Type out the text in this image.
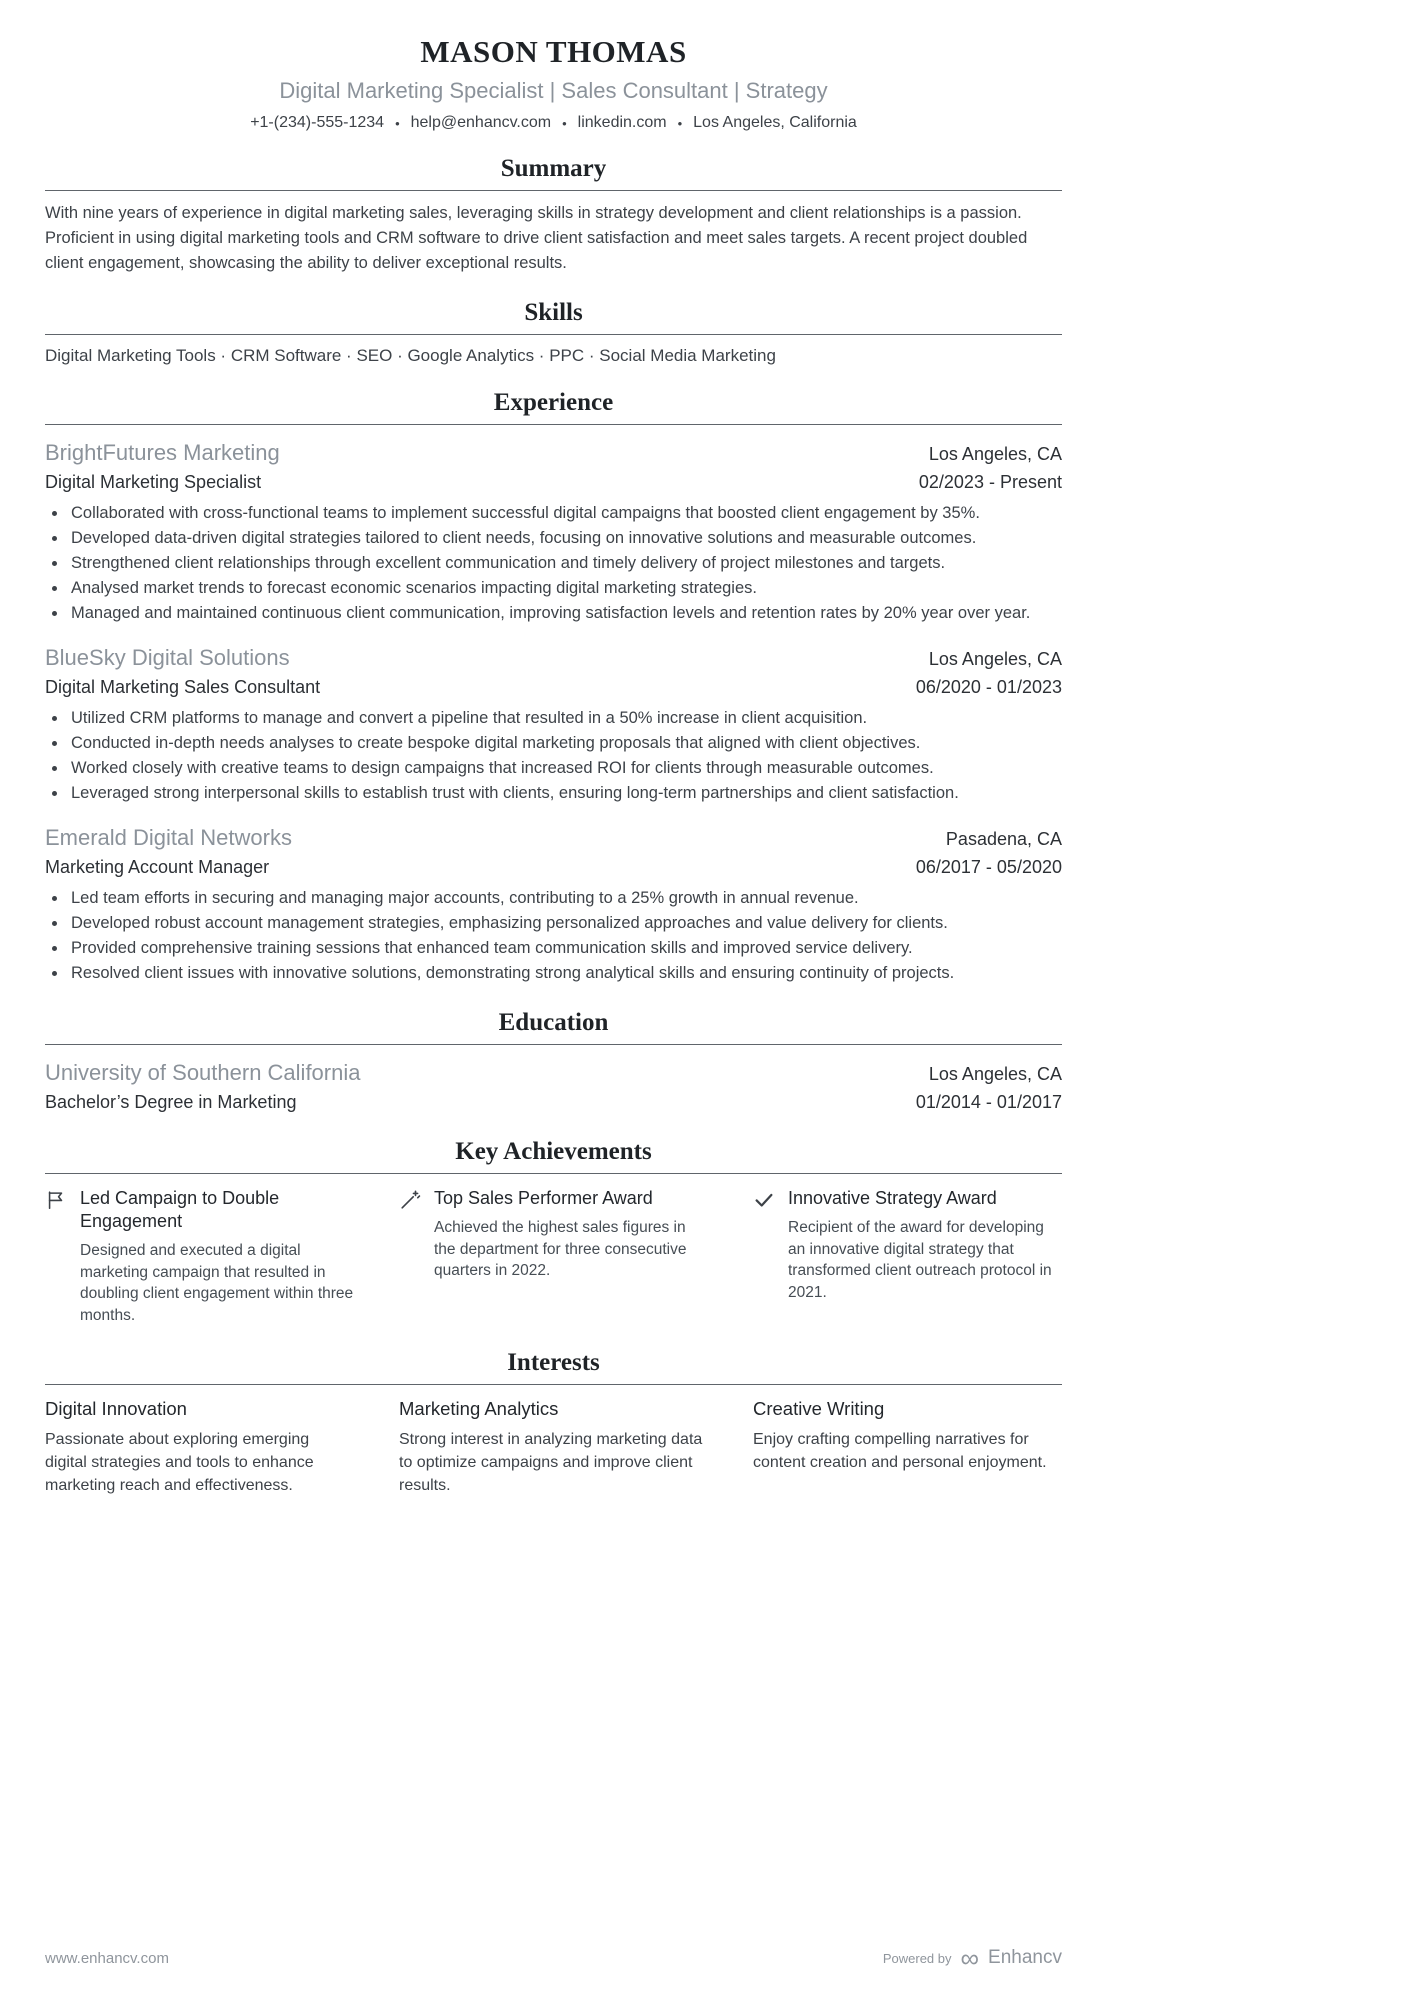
MASON THOMAS
Digital Marketing Specialist | Sales Consultant | Strategy
+1-(234)-555-1234 • help@enhancv.com • linkedin.com • Los Angeles, California
Summary

With nine years of experience in digital marketing sales, leveraging skills in strategy development and client relationships is a passion. Proficient in using digital marketing tools and CRM software to drive client satisfaction and meet sales targets. A recent project doubled client engagement, showcasing the ability to deliver exceptional results.

Skills

Digital Marketing Tools · CRM Software · SEO · Google Analytics · PPC · Social Media Marketing

Experience
BrightFutures Marketing	Los Angeles, CA
Digital Marketing Specialist	02/2023 - Present
• Collaborated with cross-functional teams to implement successful digital campaigns that boosted client engagement by 35%.
• Developed data-driven digital strategies tailored to client needs, focusing on innovative solutions and measurable outcomes.
• Strengthened client relationships through excellent communication and timely delivery of project milestones and targets.
• Analysed market trends to forecast economic scenarios impacting digital marketing strategies.
• Managed and maintained continuous client communication, improving satisfaction levels and retention rates by 20% year over year.
BlueSky Digital Solutions	Los Angeles, CA
Digital Marketing Sales Consultant	06/2020 - 01/2023
• Utilized CRM platforms to manage and convert a pipeline that resulted in a 50% increase in client acquisition.
• Conducted in-depth needs analyses to create bespoke digital marketing proposals that aligned with client objectives.
• Worked closely with creative teams to design campaigns that increased ROI for clients through measurable outcomes.
• Leveraged strong interpersonal skills to establish trust with clients, ensuring long-term partnerships and client satisfaction.
Emerald Digital Networks	Pasadena, CA
Marketing Account Manager	06/2017 - 05/2020
• Led team efforts in securing and managing major accounts, contributing to a 25% growth in annual revenue.
• Developed robust account management strategies, emphasizing personalized approaches and value delivery for clients.
• Provided comprehensive training sessions that enhanced team communication skills and improved service delivery.
• Resolved client issues with innovative solutions, demonstrating strong analytical skills and ensuring continuity of projects.
Education
University of Southern California	Los Angeles, CA
Bachelor’s Degree in Marketing	01/2014 - 01/2017
Key Achievements
Led Campaign to Double Engagement
Designed and executed a digital marketing campaign that resulted in doubling client engagement within three months.
Top Sales Performer Award
Achieved the highest sales figures in the department for three consecutive quarters in 2022.
Innovative Strategy Award
Recipient of the award for developing an innovative digital strategy that transformed client outreach protocol in 2021.
Interests
Digital Innovation
Passionate about exploring emerging digital strategies and tools to enhance marketing reach and effectiveness.
Marketing Analytics
Strong interest in analyzing marketing data to optimize campaigns and improve client results.
Creative Writing
Enjoy crafting compelling narratives for content creation and personal enjoyment.
www.enhancv.com	Powered by ∞ Enhancv
